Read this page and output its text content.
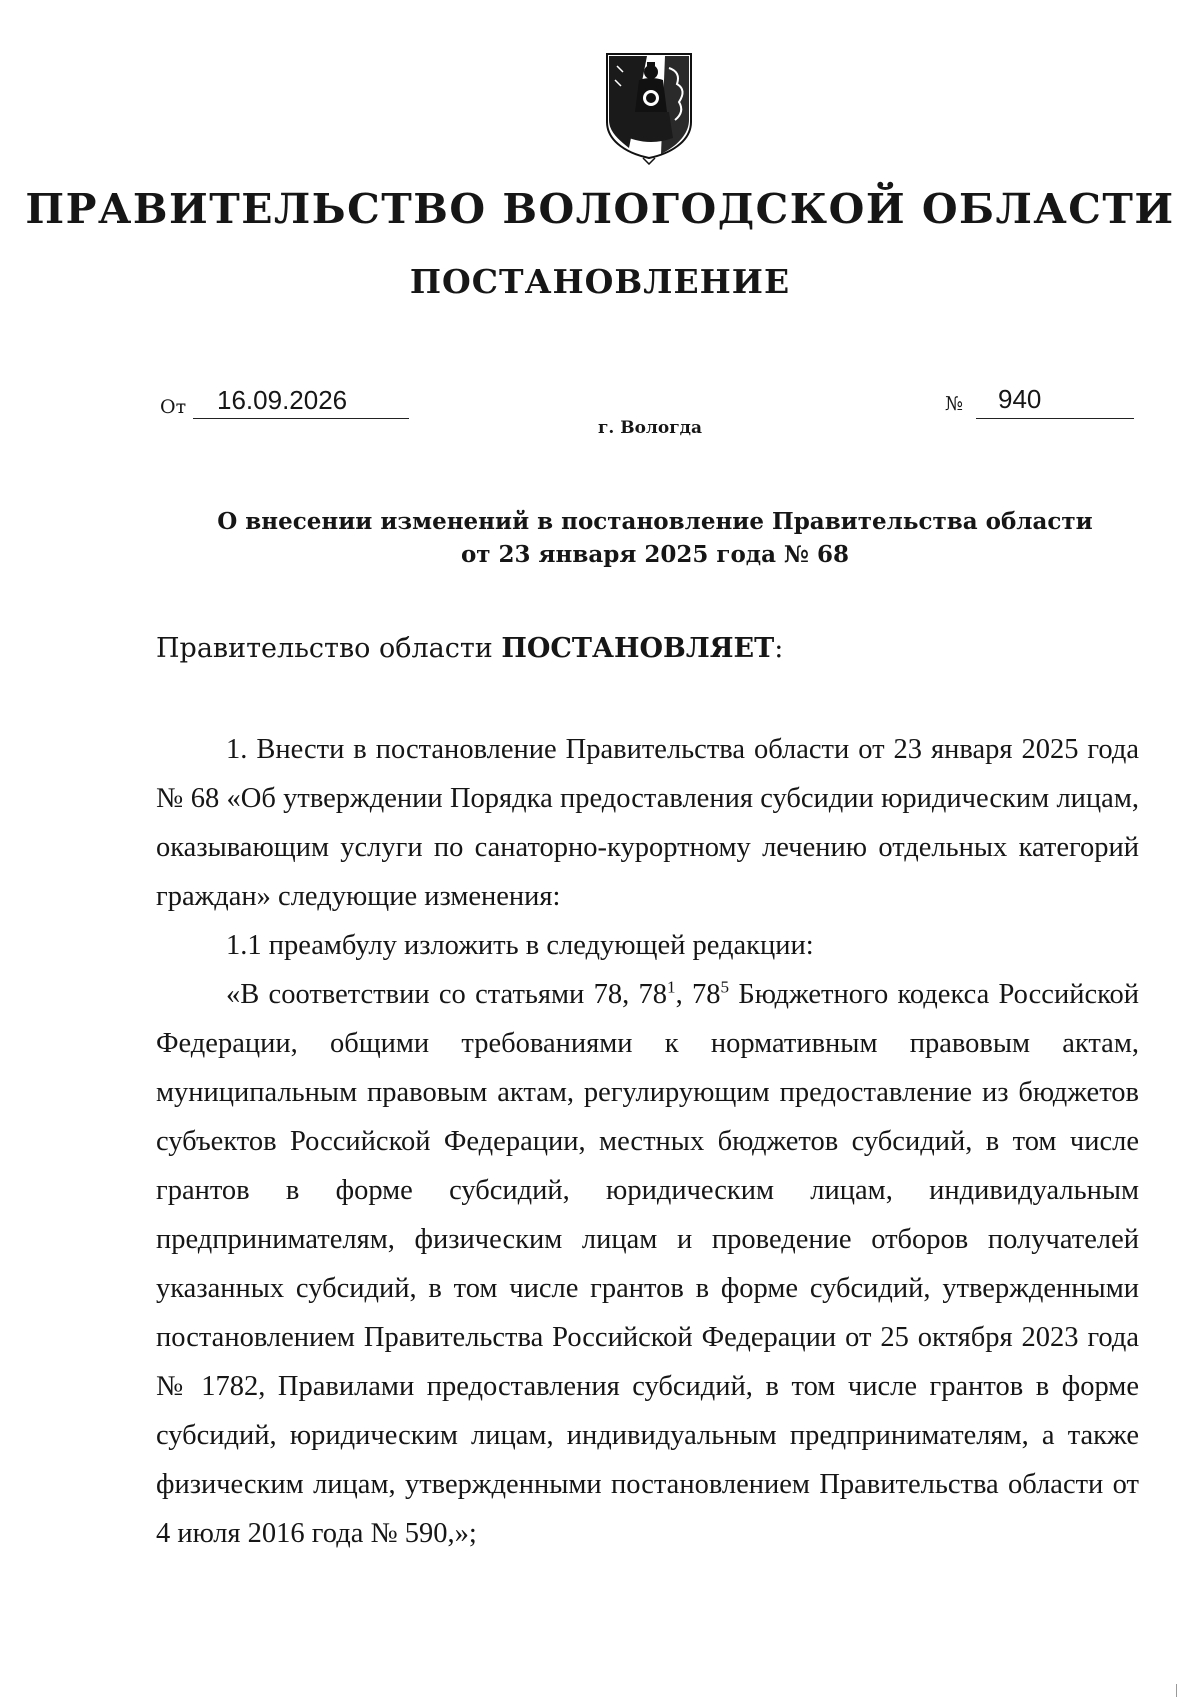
ПРАВИТЕЛЬСТВО ВОЛОГОДСКОЙ ОБЛАСТИ
ПОСТАНОВЛЕНИЕ
От 16.09.2026	№ 940
г. Вологда
О внесении изменений в постановление Правительства области
от 23 января 2025 года № 68
Правительство области ПОСТАНОВЛЯЕТ:

1. Внести в постановление Правительства области от 23 января 2025 года № 68 «Об утверждении Порядка предоставления субсидии юридическим лицам, оказывающим услуги по санаторно-курортному лечению отдельных категорий граждан» следующие изменения:

1.1 преамбулу изложить в следующей редакции:

«В соответствии со статьями 78, $78^1$, $78^5$ Бюджетного кодекса Российской Федерации, общими требованиями к нормативным правовым актам, муниципальным правовым актам, регулирующим предоставление из бюджетов субъектов Российской Федерации, местных бюджетов субсидий, в том числе грантов в форме субсидий, юридическим лицам, индивидуальным предпринимателям, физическим лицам и проведение отборов получателей указанных субсидий, в том числе грантов в форме субсидий, утвержденными постановлением Правительства Российской Федерации от 25 октября 2023 года № 1782, Правилами предоставления субсидий, в том числе грантов в форме субсидий, юридическим лицам, индивидуальным предпринимателям, а также физическим лицам, утвержденными постановлением Правительства области от 4 июля 2016 года № 590,»;
